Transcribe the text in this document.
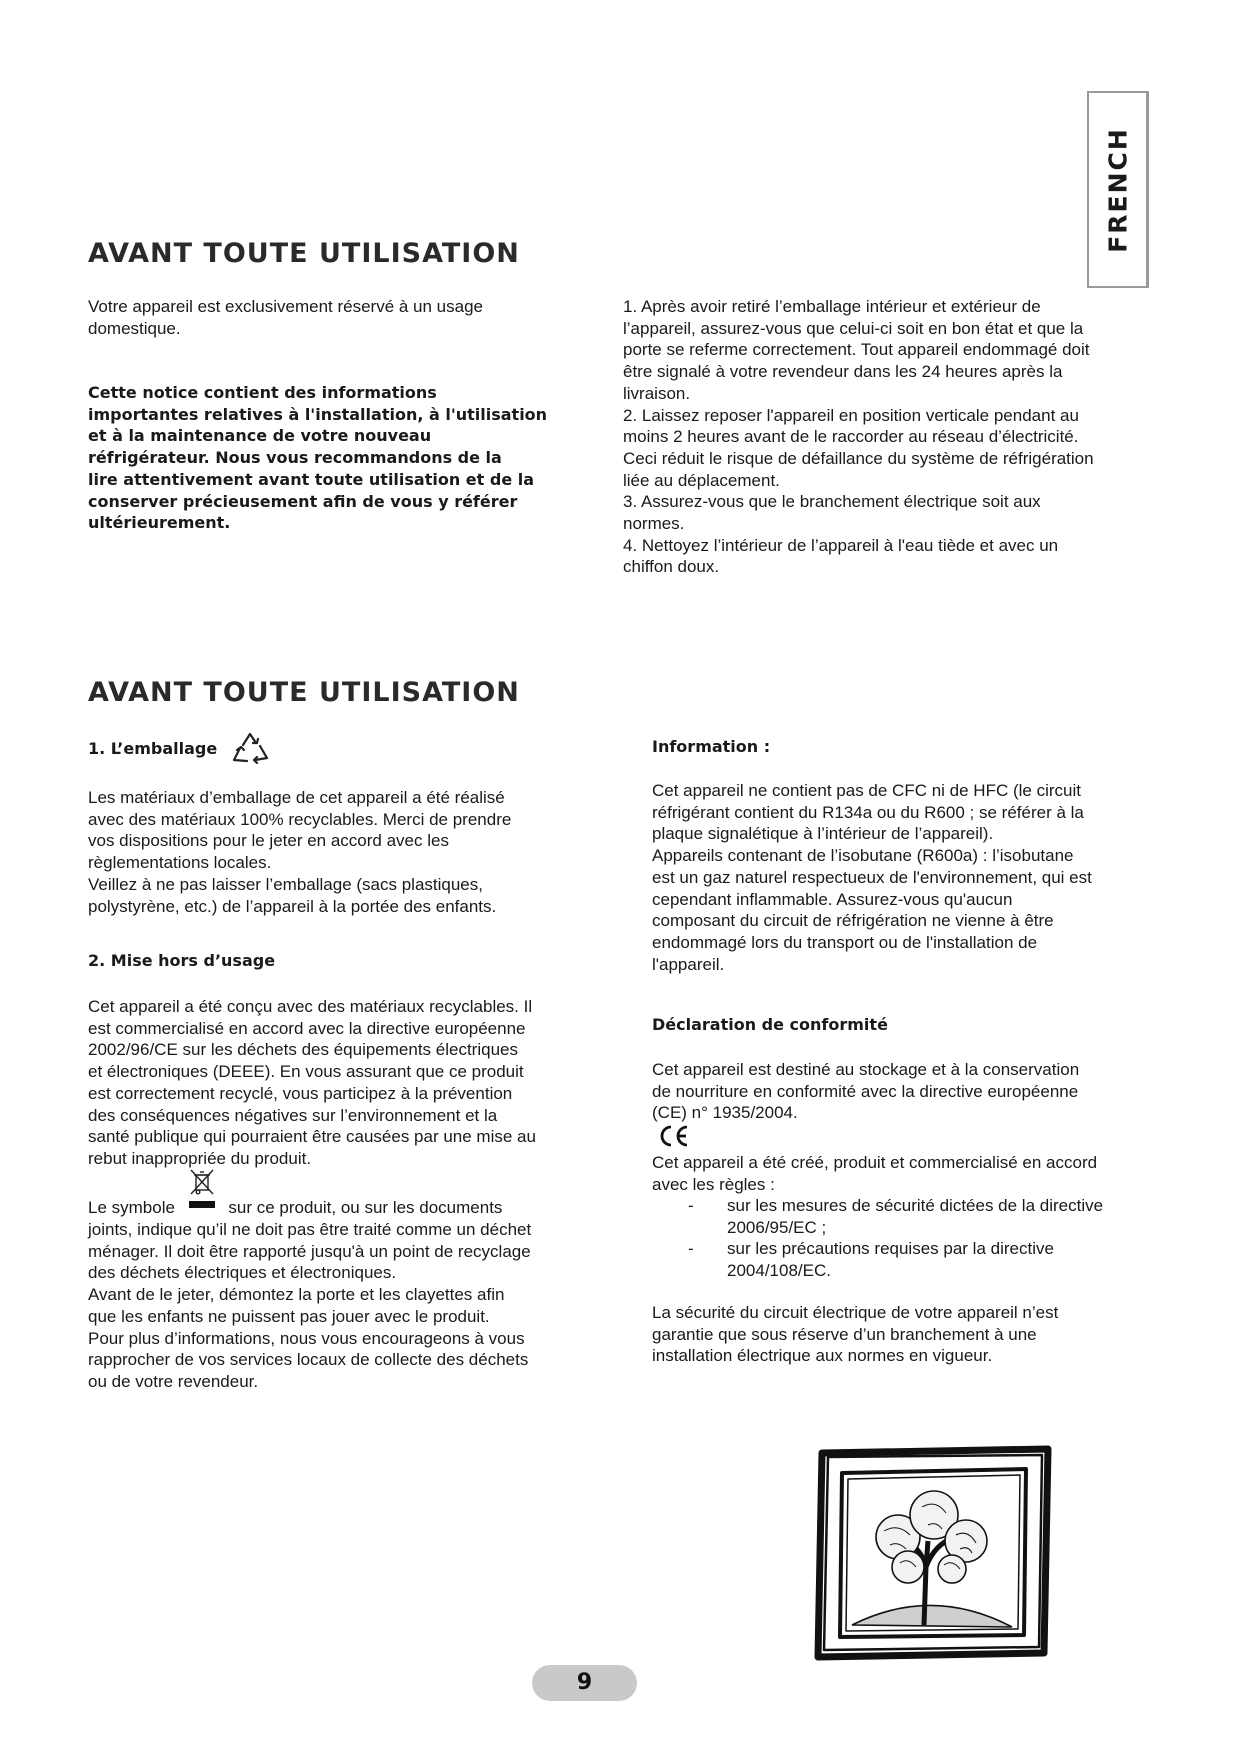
FRENCH
AVANT TOUTE UTILISATION
Votre appareil est exclusivement réservé à un usage
domestique.
Cette notice contient des informations
importantes relatives à l'installation, à l'utilisation
et à la maintenance de votre nouveau
réfrigérateur. Nous vous recommandons de la
lire attentivement avant toute utilisation et de la
conserver précieusement afin de vous y référer
ultérieurement.
1. Après avoir retiré l’emballage intérieur et extérieur de
l’appareil, assurez-vous que celui-ci soit en bon état et que la
porte se referme correctement. Tout appareil endommagé doit
être signalé à votre revendeur dans les 24 heures après la
livraison.
2. Laissez reposer l'appareil en position verticale pendant au
moins 2 heures avant de le raccorder au réseau d’électricité.
Ceci réduit le risque de défaillance du système de réfrigération
liée au déplacement.
3. Assurez-vous que le branchement électrique soit aux
normes.
4. Nettoyez l’intérieur de l’appareil à l'eau tiède et avec un
chiffon doux.
AVANT TOUTE UTILISATION
1. L’emballage
Les matériaux d’emballage de cet appareil a été réalisé
avec des matériaux 100% recyclables. Merci de prendre
vos dispositions pour le jeter en accord avec les
règlementations locales.
Veillez à ne pas laisser l’emballage (sacs plastiques,
polystyrène, etc.) de l’appareil à la portée des enfants.
2. Mise hors d’usage
Cet appareil a été conçu avec des matériaux recyclables. Il
est commercialisé en accord avec la directive européenne
2002/96/CE sur les déchets des équipements électriques
et électroniques (DEEE). En vous assurant que ce produit
est correctement recyclé, vous participez à la prévention
des conséquences négatives sur l’environnement et la
santé publique qui pourraient être causées par une mise au
rebut inappropriée du produit.
Le symbole	sur ce produit, ou sur les documents
joints, indique qu’il ne doit pas être traité comme un déchet
ménager. Il doit être rapporté jusqu'à un point de recyclage
des déchets électriques et électroniques.
Avant de le jeter, démontez la porte et les clayettes afin
que les enfants ne puissent pas jouer avec le produit.
Pour plus d’informations, nous vous encourageons à vous
rapprocher de vos services locaux de collecte des déchets
ou de votre revendeur.
Information :
Cet appareil ne contient pas de CFC ni de HFC (le circuit
réfrigérant contient du R134a ou du R600 ; se référer à la
plaque signalétique à l’intérieur de l’appareil).
Appareils contenant de l’isobutane (R600a) : l’isobutane
est un gaz naturel respectueux de l'environnement, qui est
cependant inflammable. Assurez-vous qu'aucun
composant du circuit de réfrigération ne vienne à être
endommagé lors du transport ou de l'installation de
l'appareil.
Déclaration de conformité
Cet appareil est destiné au stockage et à la conservation
de nourriture en conformité avec la directive européenne
(CE) n° 1935/2004.
Cet appareil a été créé, produit et commercialisé en accord
avec les règles :
- sur les mesures de sécurité dictées de la directive
2006/95/EC ;
- sur les précautions requises par la directive
2004/108/EC.
La sécurité du circuit électrique de votre appareil n’est
garantie que sous réserve d’un branchement à une
installation électrique aux normes en vigueur.
9
